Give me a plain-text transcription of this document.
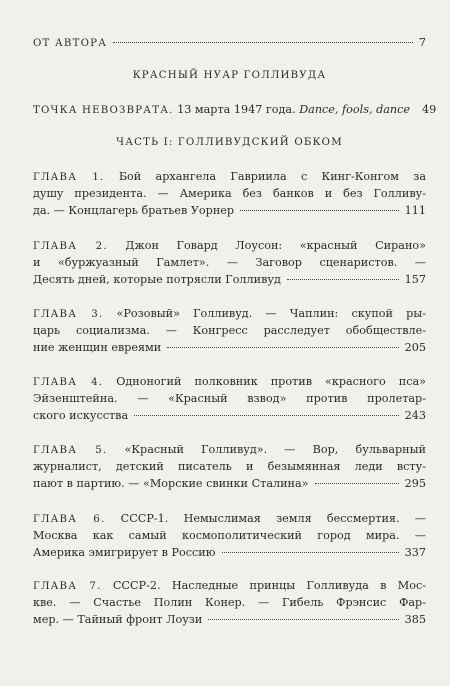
ОТ АВТОРА	7
КРАСНЫЙ НУАР ГОЛЛИВУДА
ТОЧКА НЕВОЗВРАТА. 13 марта 1947 года. Dance, fools, dance 49
ЧАСТЬ I: ГОЛЛИВУДСКИЙ ОБКОМ
ГЛАВА 1. Бой архангела Гавриила с Кинг-Конгом за
душу президента. — Америка без банков и без Голливу-
да. — Концлагерь братьев Уорнер	111
ГЛАВА 2. Джон Говард Лоусон: «красный Сирано»
и «буржуазный Гамлет». — Заговор сценаристов. —
Десять дней, которые потрясли Голливуд	157
ГЛАВА 3. «Розовый» Голливуд. — Чаплин: скупой ры-
царь социализма. — Конгресс расследует обобществле-
ние женщин евреями	205
ГЛАВА 4. Одноногий полковник против «красного пса»
Эйзенштейна. — «Красный взвод» против пролетар-
ского искусства	243
ГЛАВА 5. «Красный Голливуд». — Вор, бульварный
журналист, детский писатель и безымянная леди всту-
пают в партию. — «Морские свинки Сталина»	295
ГЛАВА 6. СССР-1. Немыслимая земля бессмертия. —
Москва как самый космополитический город мира. —
Америка эмигрирует в Россию	337
ГЛАВА 7. СССР-2. Наследные принцы Голливуда в Мос-
кве. — Счастье Полин Конер. — Гибель Фрэнсис Фар-
мер. — Тайный фронт Лоузи	385
